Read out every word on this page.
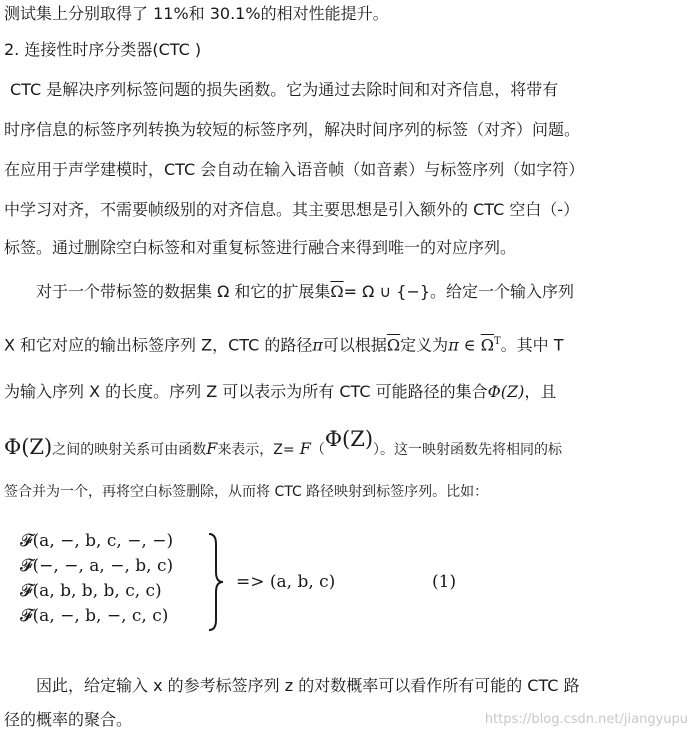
测试集上分别取得了 11%和 30.1%的相对性能提升。
2. 连接性时序分类器(CTC )
CTC 是解决序列标签问题的损失函数。它为通过去除时间和对齐信息，将带有
时序信息的标签序列转换为较短的标签序列，解决时间序列的标签（对齐）问题。
在应用于声学建模时，CTC 会自动在输入语音帧（如音素）与标签序列（如字符）
中学习对齐，不需要帧级别的对齐信息。其主要思想是引入额外的 CTC 空白（-）
标签。通过删除空白标签和对重复标签进行融合来得到唯一的对应序列。
对于一个带标签的数据集 Ω 和它的扩展集$\overline{\Omega}= \Omega$ ∪ {−}。给定一个输入序列
X 和它对应的输出标签序列 Z，CTC 的路径π可以根据$\overline{\Omega}$定义为π ∈ $\overline{\Omega}^T$。其中 T
为输入序列 X 的长度。序列 Z 可以表示为所有 CTC 可能路径的集合Φ(Z)，且
Φ(Z)之间的映射关系可由函数F来表示，Z= F（Φ(Z)）。这一映射函数先将相同的标
签合并为一个，再将空白标签删除，从而将 CTC 路径映射到标签序列。比如：
𝓕(a, −, b, c, −, −)
𝓕(−, −, a, −, b, c)
𝓕(a, b, b, b, c, c)
𝓕(a, −, b, −, c, c)
=> (a, b, c)	(1)
因此，给定输入 x 的参考标签序列 z 的对数概率可以看作所有可能的 CTC 路
径的概率的聚合。	https://blog.csdn.net/jiangyupu
